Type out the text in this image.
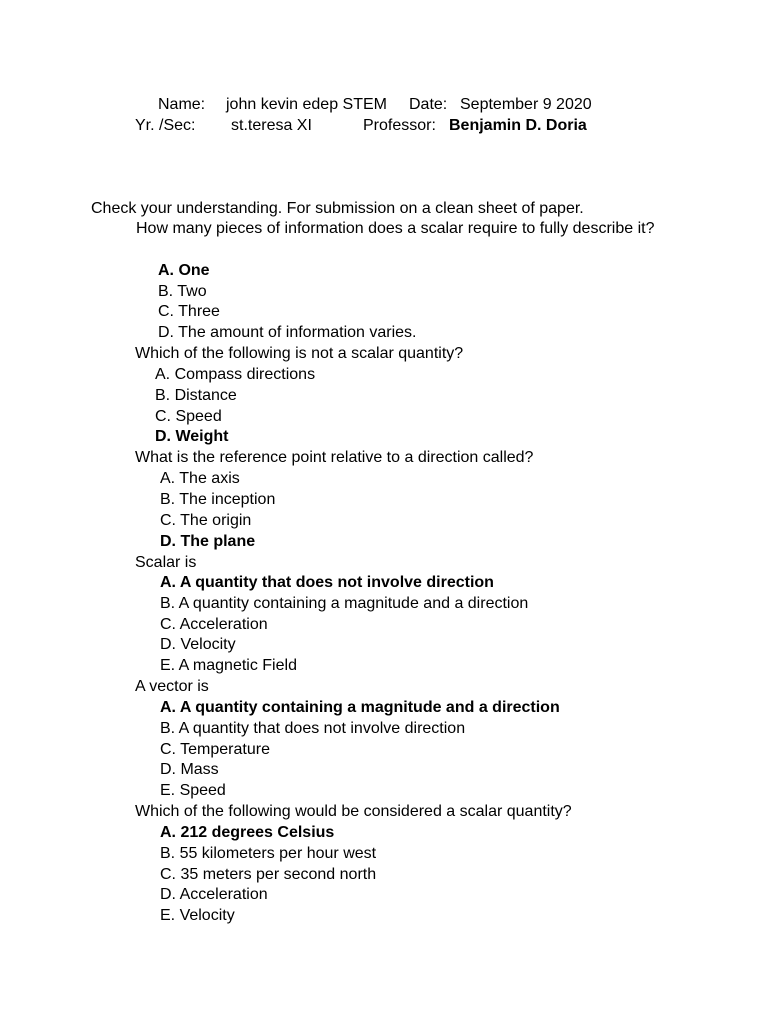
Name: john kevin edep STEM Date: September 9 2020
Yr. /Sec: st.teresa XI	Professor: Benjamin D. Doria
Check your understanding. For submission on a clean sheet of paper.
How many pieces of information does a scalar require to fully describe it?
A. One
B. Two
C. Three
D. The amount of information varies.
Which of the following is not a scalar quantity?
A. Compass directions
B. Distance
C. Speed
D. Weight
What is the reference point relative to a direction called?
A. The axis
B. The inception
C. The origin
D. The plane
Scalar is
A. A quantity that does not involve direction
B. A quantity containing a magnitude and a direction
C. Acceleration
D. Velocity
E. A magnetic Field
A vector is
A. A quantity containing a magnitude and a direction
B. A quantity that does not involve direction
C. Temperature
D. Mass
E. Speed
Which of the following would be considered a scalar quantity?
A. 212 degrees Celsius
B. 55 kilometers per hour west
C. 35 meters per second north
D. Acceleration
E. Velocity
